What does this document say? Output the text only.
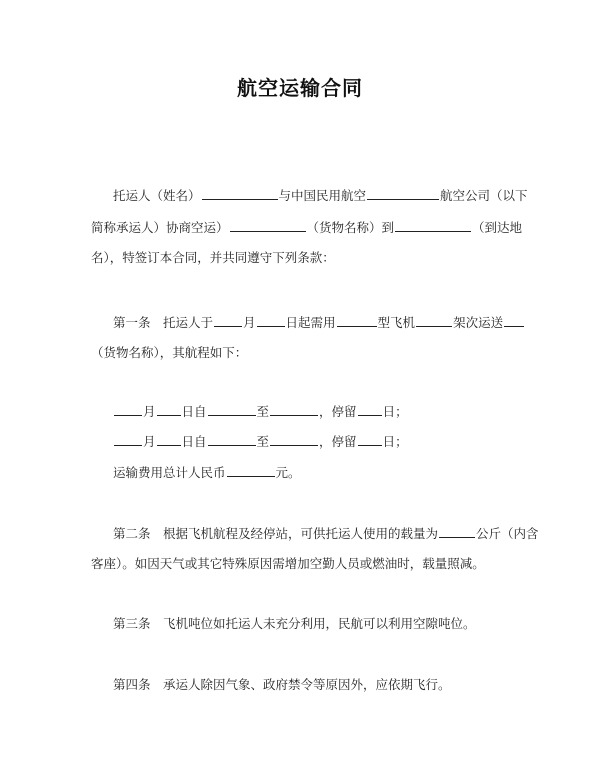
航空运输合同
托运人（姓名）	与中国民用航空	航空公司（以下
简称承运人）协商空运）	（货物名称）到	（到达地
名），特签订本合同，并共同遵守下列条款：
第一条　托运人于 月 日起需用	型飞机	架次运送
（货物名称），其航程如下：
月 日自	至	，停留 日；
月 日自	至	，停留 日；
运输费用总计人民币	元。
第二条　根据飞机航程及经停站，可供托运人使用的载量为	公斤（内含
客座）。如因天气或其它特殊原因需增加空勤人员或燃油时，载量照减。
第三条　飞机吨位如托运人未充分利用，民航可以利用空隙吨位。
第四条　承运人除因气象、政府禁令等原因外，应依期飞行。
